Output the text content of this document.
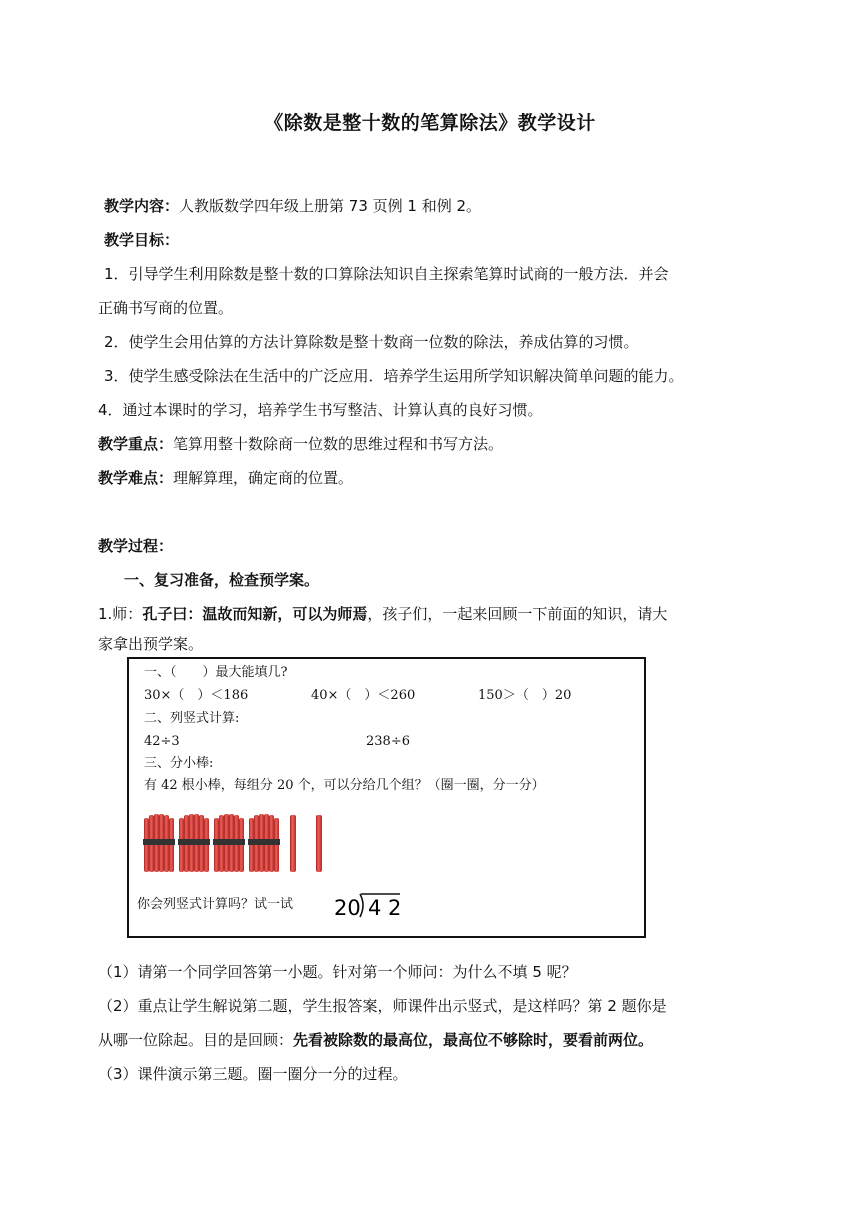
《除数是整十数的笔算除法》教学设计
教学内容：人教版数学四年级上册第 73 页例 1 和例 2。
教学目标：
1．引导学生利用除数是整十数的口算除法知识自主探索笔算时试商的一般方法．并会
正确书写商的位置。
2．使学生会用估算的方法计算除数是整十数商一位数的除法，养成估算的习惯。
3．使学生感受除法在生活中的广泛应用．培养学生运用所学知识解决简单问题的能力。
4．通过本课时的学习，培养学生书写整洁、计算认真的良好习惯。
教学重点：笔算用整十数除商一位数的思维过程和书写方法。
教学难点：理解算理，确定商的位置。
教学过程：
一、复习准备，检查预学案。
1.师：孔子曰：温故而知新，可以为师焉，孩子们，一起来回顾一下前面的知识，请大
家拿出预学案。
一、（　　）最大能填几?
30×（　）＜186	40×（　）＜260	150＞（　）20
二、列竖式计算:
42÷3	238÷6
三、分小棒:
有 42 根小棒，每组分 20 个，可以分给几个组？（圈一圈，分一分）
你会列竖式计算吗？试一试 20 4 2
（1）请第一个同学回答第一小题。针对第一个师问：为什么不填 5 呢？
（2）重点让学生解说第二题，学生报答案，师课件出示竖式，是这样吗？第 2 题你是
从哪一位除起。目的是回顾：先看被除数的最高位，最高位不够除时，要看前两位。
（3）课件演示第三题。圈一圈分一分的过程。
